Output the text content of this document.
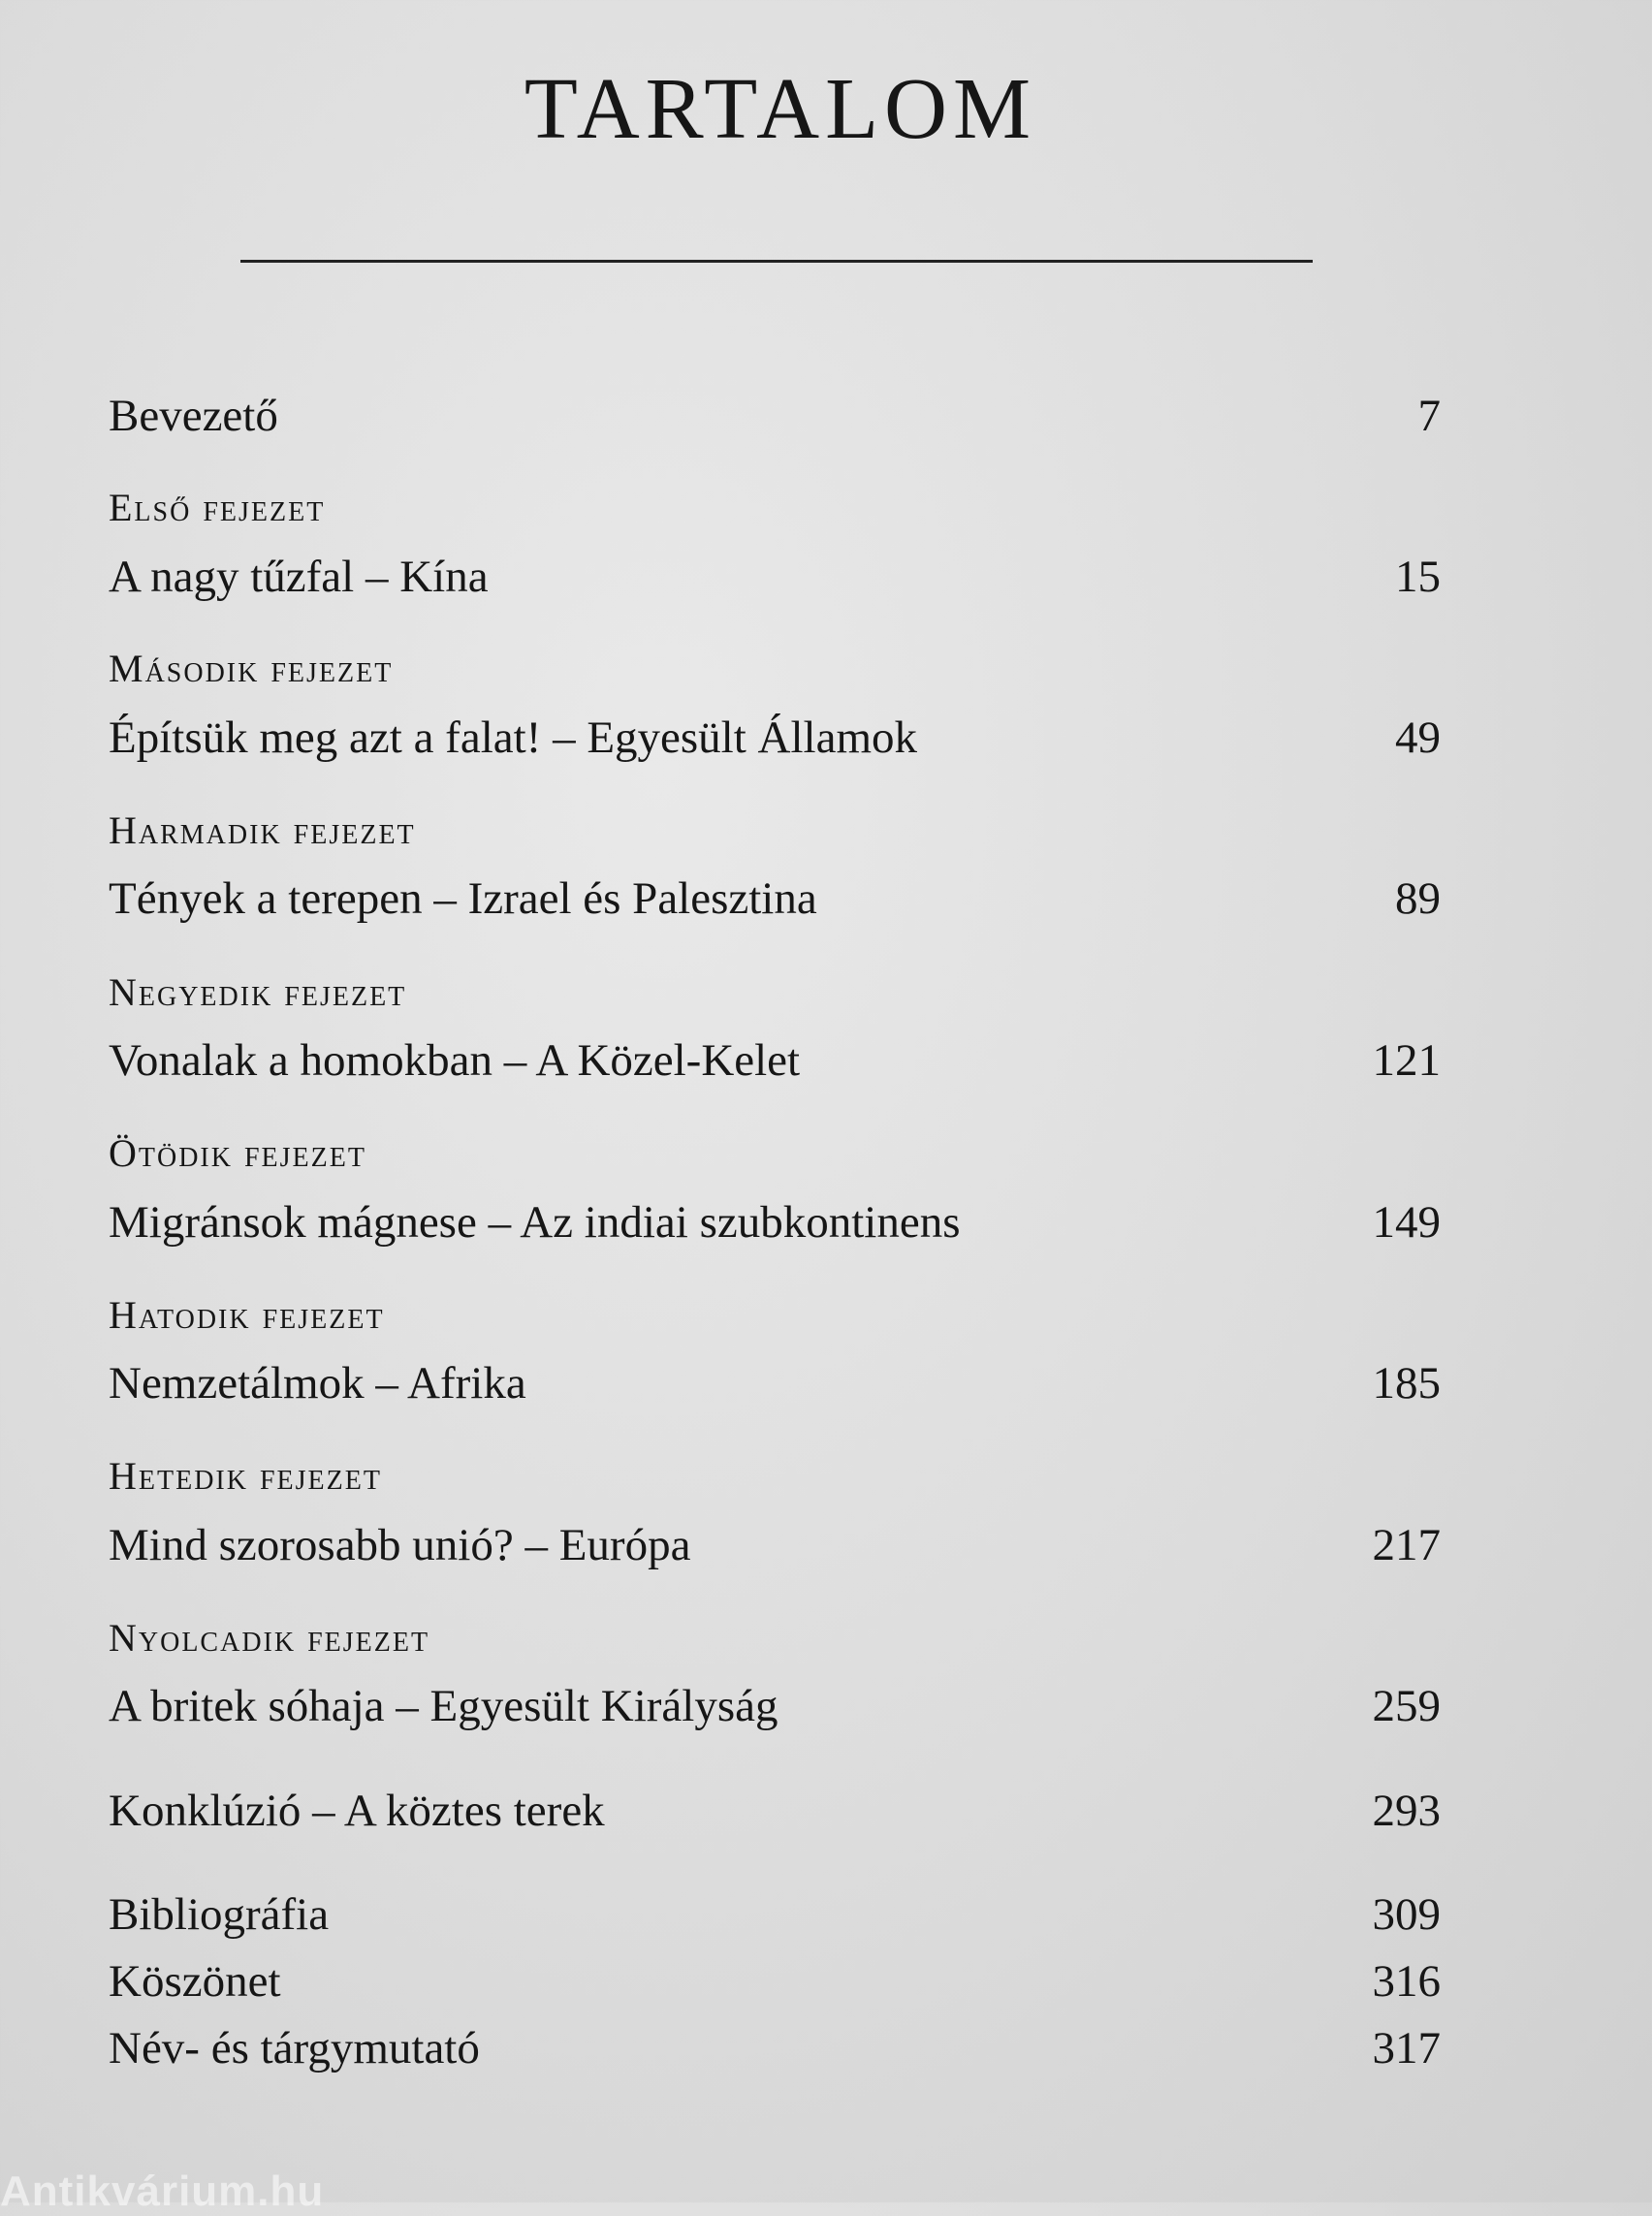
TARTALOM
Bevezető	7
Első fejezet
A nagy tűzfal – Kína	15
Második fejezet
Építsük meg azt a falat! – Egyesült Államok	49
Harmadik fejezet
Tények a terepen – Izrael és Palesztina	89
Negyedik fejezet
Vonalak a homokban – A Közel-Kelet	121
Ötödik fejezet
Migránsok mágnese – Az indiai szubkontinens	149
Hatodik fejezet
Nemzetálmok – Afrika	185
Hetedik fejezet
Mind szorosabb unió? – Európa	217
Nyolcadik fejezet
A britek sóhaja – Egyesült Királyság	259
Konklúzió – A köztes terek	293
Bibliográfia	309
Köszönet	316
Név- és tárgymutató	317
Antikvárium.hu
